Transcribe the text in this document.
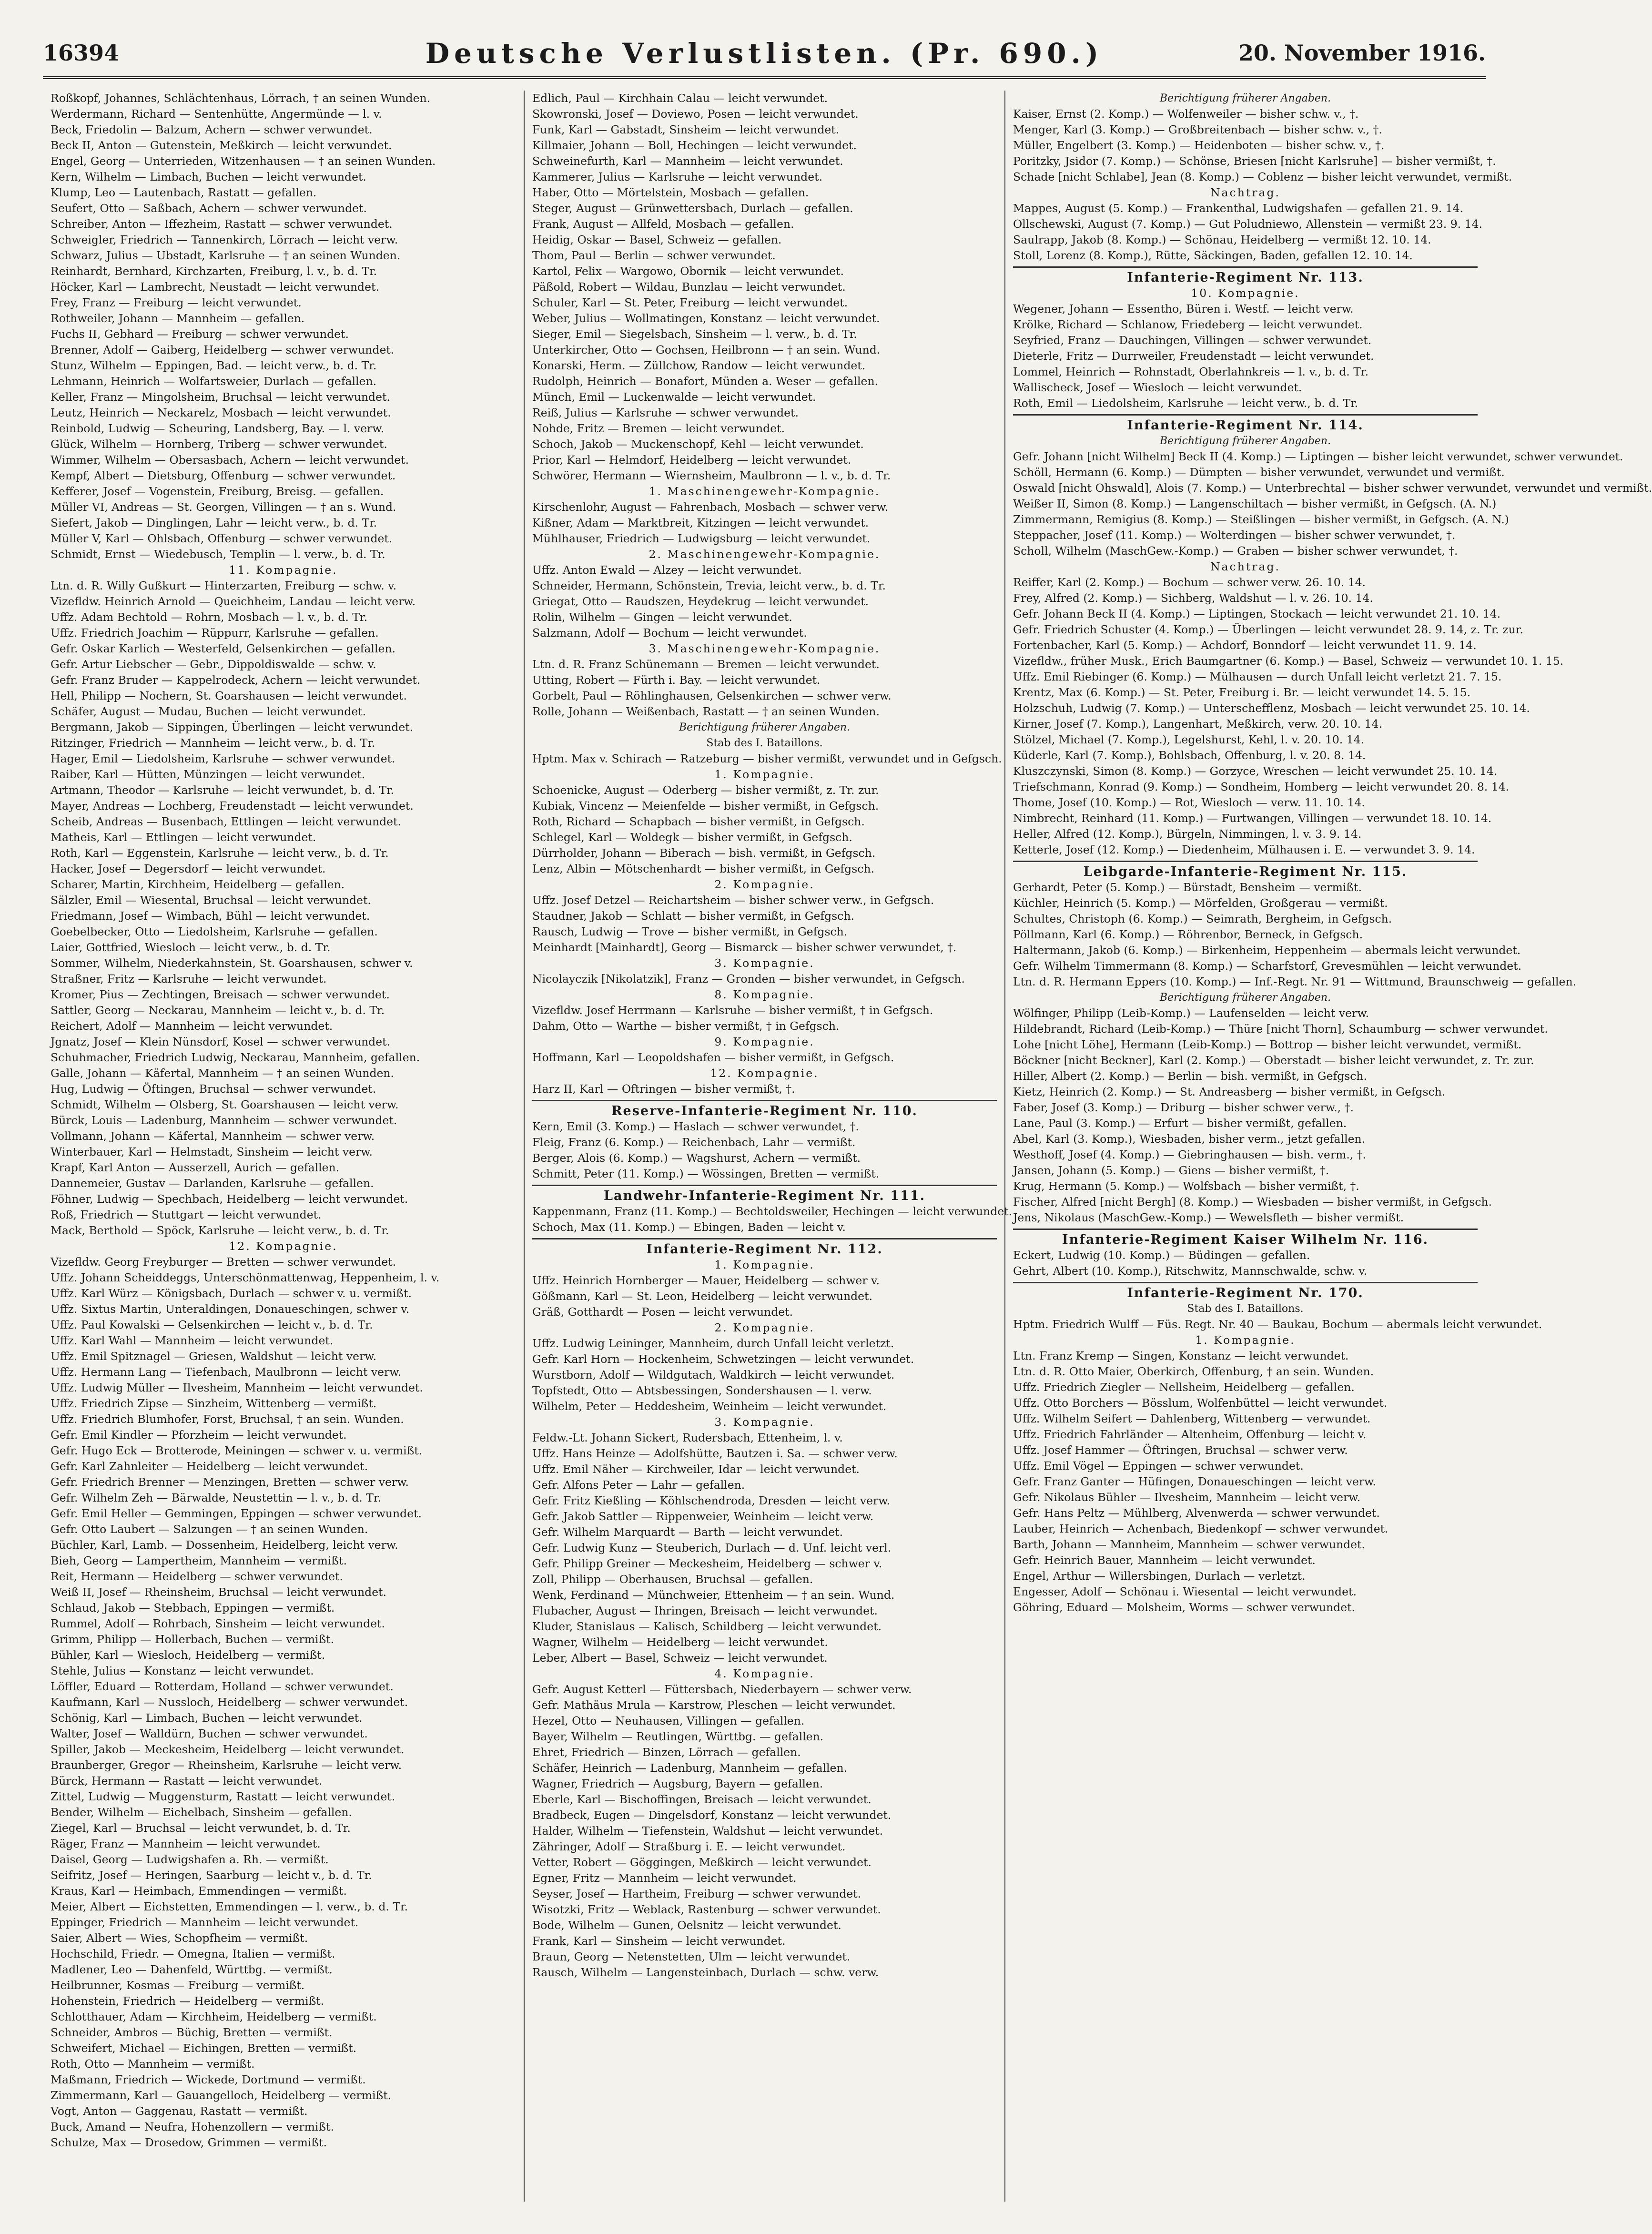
16394	Deutsche Verlustlisten. (Pr. 690.)	20. November 1916.
Roßkopf, Johannes, Schlächtenhaus, Lörrach, † an seinen Wunden.
Werdermann, Richard — Sentenhütte, Angermünde — l. v.
Beck, Friedolin — Balzum, Achern — schwer verwundet.
Beck II, Anton — Gutenstein, Meßkirch — leicht verwundet.
Engel, Georg — Unterrieden, Witzenhausen — † an seinen Wunden.
Kern, Wilhelm — Limbach, Buchen — leicht verwundet.
Klump, Leo — Lautenbach, Rastatt — gefallen.
Seufert, Otto — Saßbach, Achern — schwer verwundet.
Schreiber, Anton — Iffezheim, Rastatt — schwer verwundet.
Schweigler, Friedrich — Tannenkirch, Lörrach — leicht verw.
Schwarz, Julius — Ubstadt, Karlsruhe — † an seinen Wunden.
Reinhardt, Bernhard, Kirchzarten, Freiburg, l. v., b. d. Tr.
Höcker, Karl — Lambrecht, Neustadt — leicht verwundet.
Frey, Franz — Freiburg — leicht verwundet.
Rothweiler, Johann — Mannheim — gefallen.
Fuchs II, Gebhard — Freiburg — schwer verwundet.
Brenner, Adolf — Gaiberg, Heidelberg — schwer verwundet.
Stunz, Wilhelm — Eppingen, Bad. — leicht verw., b. d. Tr.
Lehmann, Heinrich — Wolfartsweier, Durlach — gefallen.
Keller, Franz — Mingolsheim, Bruchsal — leicht verwundet.
Leutz, Heinrich — Neckarelz, Mosbach — leicht verwundet.
Reinbold, Ludwig — Scheuring, Landsberg, Bay. — l. verw.
Glück, Wilhelm — Hornberg, Triberg — schwer verwundet.
Wimmer, Wilhelm — Obersasbach, Achern — leicht verwundet.
Kempf, Albert — Dietsburg, Offenburg — schwer verwundet.
Kefferer, Josef — Vogenstein, Freiburg, Breisg. — gefallen.
Müller VI, Andreas — St. Georgen, Villingen — † an s. Wund.
Siefert, Jakob — Dinglingen, Lahr — leicht verw., b. d. Tr.
Müller V, Karl — Ohlsbach, Offenburg — schwer verwundet.
Schmidt, Ernst — Wiedebusch, Templin — l. verw., b. d. Tr.
11. Kompagnie.
Ltn. d. R. Willy Gußkurt — Hinterzarten, Freiburg — schw. v.
Vizefldw. Heinrich Arnold — Queichheim, Landau — leicht verw.
Uffz. Adam Bechtold — Rohrn, Mosbach — l. v., b. d. Tr.
Uffz. Friedrich Joachim — Rüppurr, Karlsruhe — gefallen.
Gefr. Oskar Karlich — Westerfeld, Gelsenkirchen — gefallen.
Gefr. Artur Liebscher — Gebr., Dippoldiswalde — schw. v.
Gefr. Franz Bruder — Kappelrodeck, Achern — leicht verwundet.
Hell, Philipp — Nochern, St. Goarshausen — leicht verwundet.
Schäfer, August — Mudau, Buchen — leicht verwundet.
Bergmann, Jakob — Sippingen, Überlingen — leicht verwundet.
Ritzinger, Friedrich — Mannheim — leicht verw., b. d. Tr.
Hager, Emil — Liedolsheim, Karlsruhe — schwer verwundet.
Raiber, Karl — Hütten, Münzingen — leicht verwundet.
Artmann, Theodor — Karlsruhe — leicht verwundet, b. d. Tr.
Mayer, Andreas — Lochberg, Freudenstadt — leicht verwundet.
Scheib, Andreas — Busenbach, Ettlingen — leicht verwundet.
Matheis, Karl — Ettlingen — leicht verwundet.
Roth, Karl — Eggenstein, Karlsruhe — leicht verw., b. d. Tr.
Hacker, Josef — Degersdorf — leicht verwundet.
Scharer, Martin, Kirchheim, Heidelberg — gefallen.
Sälzler, Emil — Wiesental, Bruchsal — leicht verwundet.
Friedmann, Josef — Wimbach, Bühl — leicht verwundet.
Goebelbecker, Otto — Liedolsheim, Karlsruhe — gefallen.
Laier, Gottfried, Wiesloch — leicht verw., b. d. Tr.
Sommer, Wilhelm, Niederkahnstein, St. Goarshausen, schwer v.
Straßner, Fritz — Karlsruhe — leicht verwundet.
Kromer, Pius — Zechtingen, Breisach — schwer verwundet.
Sattler, Georg — Neckarau, Mannheim — leicht v., b. d. Tr.
Reichert, Adolf — Mannheim — leicht verwundet.
Jgnatz, Josef — Klein Nünsdorf, Kosel — schwer verwundet.
Schuhmacher, Friedrich Ludwig, Neckarau, Mannheim, gefallen.
Galle, Johann — Käfertal, Mannheim — † an seinen Wunden.
Hug, Ludwig — Öftingen, Bruchsal — schwer verwundet.
Schmidt, Wilhelm — Olsberg, St. Goarshausen — leicht verw.
Bürck, Louis — Ladenburg, Mannheim — schwer verwundet.
Vollmann, Johann — Käfertal, Mannheim — schwer verw.
Winterbauer, Karl — Helmstadt, Sinsheim — leicht verw.
Krapf, Karl Anton — Ausserzell, Aurich — gefallen.
Dannemeier, Gustav — Darlanden, Karlsruhe — gefallen.
Föhner, Ludwig — Spechbach, Heidelberg — leicht verwundet.
Roß, Friedrich — Stuttgart — leicht verwundet.
Mack, Berthold — Spöck, Karlsruhe — leicht verw., b. d. Tr.
12. Kompagnie.
Vizefldw. Georg Freyburger — Bretten — schwer verwundet.
Uffz. Johann Scheiddeggs, Unterschönmattenwag, Heppenheim, l. v.
Uffz. Karl Würz — Königsbach, Durlach — schwer v. u. vermißt.
Uffz. Sixtus Martin, Unteraldingen, Donaueschingen, schwer v.
Uffz. Paul Kowalski — Gelsenkirchen — leicht v., b. d. Tr.
Uffz. Karl Wahl — Mannheim — leicht verwundet.
Uffz. Emil Spitznagel — Griesen, Waldshut — leicht verw.
Uffz. Hermann Lang — Tiefenbach, Maulbronn — leicht verw.
Uffz. Ludwig Müller — Ilvesheim, Mannheim — leicht verwundet.
Uffz. Friedrich Zipse — Sinzheim, Wittenberg — vermißt.
Uffz. Friedrich Blumhofer, Forst, Bruchsal, † an sein. Wunden.
Gefr. Emil Kindler — Pforzheim — leicht verwundet.
Gefr. Hugo Eck — Brotterode, Meiningen — schwer v. u. vermißt.
Gefr. Karl Zahnleiter — Heidelberg — leicht verwundet.
Gefr. Friedrich Brenner — Menzingen, Bretten — schwer verw.
Gefr. Wilhelm Zeh — Bärwalde, Neustettin — l. v., b. d. Tr.
Gefr. Emil Heller — Gemmingen, Eppingen — schwer verwundet.
Gefr. Otto Laubert — Salzungen — † an seinen Wunden.
Büchler, Karl, Lamb. — Dossenheim, Heidelberg, leicht verw.
Bieh, Georg — Lampertheim, Mannheim — vermißt.
Reit, Hermann — Heidelberg — schwer verwundet.
Weiß II, Josef — Rheinsheim, Bruchsal — leicht verwundet.
Schlaud, Jakob — Stebbach, Eppingen — vermißt.
Rummel, Adolf — Rohrbach, Sinsheim — leicht verwundet.
Grimm, Philipp — Hollerbach, Buchen — vermißt.
Bühler, Karl — Wiesloch, Heidelberg — vermißt.
Stehle, Julius — Konstanz — leicht verwundet.
Löffler, Eduard — Rotterdam, Holland — schwer verwundet.
Kaufmann, Karl — Nussloch, Heidelberg — schwer verwundet.
Schönig, Karl — Limbach, Buchen — leicht verwundet.
Walter, Josef — Walldürn, Buchen — schwer verwundet.
Spiller, Jakob — Meckesheim, Heidelberg — leicht verwundet.
Braunberger, Gregor — Rheinsheim, Karlsruhe — leicht verw.
Bürck, Hermann — Rastatt — leicht verwundet.
Zittel, Ludwig — Muggensturm, Rastatt — leicht verwundet.
Bender, Wilhelm — Eichelbach, Sinsheim — gefallen.
Ziegel, Karl — Bruchsal — leicht verwundet, b. d. Tr.
Räger, Franz — Mannheim — leicht verwundet.
Daisel, Georg — Ludwigshafen a. Rh. — vermißt.
Seifritz, Josef — Heringen, Saarburg — leicht v., b. d. Tr.
Kraus, Karl — Heimbach, Emmendingen — vermißt.
Meier, Albert — Eichstetten, Emmendingen — l. verw., b. d. Tr.
Eppinger, Friedrich — Mannheim — leicht verwundet.
Saier, Albert — Wies, Schopfheim — vermißt.
Hochschild, Friedr. — Omegna, Italien — vermißt.
Madlener, Leo — Dahenfeld, Württbg. — vermißt.
Heilbrunner, Kosmas — Freiburg — vermißt.
Hohenstein, Friedrich — Heidelberg — vermißt.
Schlotthauer, Adam — Kirchheim, Heidelberg — vermißt.
Schneider, Ambros — Büchig, Bretten — vermißt.
Schweifert, Michael — Eichingen, Bretten — vermißt.
Roth, Otto — Mannheim — vermißt.
Maßmann, Friedrich — Wickede, Dortmund — vermißt.
Zimmermann, Karl — Gauangelloch, Heidelberg — vermißt.
Vogt, Anton — Gaggenau, Rastatt — vermißt.
Buck, Amand — Neufra, Hohenzollern — vermißt.
Schulze, Max — Drosedow, Grimmen — vermißt.
Edlich, Paul — Kirchhain Calau — leicht verwundet.
Skowronski, Josef — Doviewo, Posen — leicht verwundet.
Funk, Karl — Gabstadt, Sinsheim — leicht verwundet.
Killmaier, Johann — Boll, Hechingen — leicht verwundet.
Schweinefurth, Karl — Mannheim — leicht verwundet.
Kammerer, Julius — Karlsruhe — leicht verwundet.
Haber, Otto — Mörtelstein, Mosbach — gefallen.
Steger, August — Grünwettersbach, Durlach — gefallen.
Frank, August — Allfeld, Mosbach — gefallen.
Heidig, Oskar — Basel, Schweiz — gefallen.
Thom, Paul — Berlin — schwer verwundet.
Kartol, Felix — Wargowo, Obornik — leicht verwundet.
Päßold, Robert — Wildau, Bunzlau — leicht verwundet.
Schuler, Karl — St. Peter, Freiburg — leicht verwundet.
Weber, Julius — Wollmatingen, Konstanz — leicht verwundet.
Sieger, Emil — Siegelsbach, Sinsheim — l. verw., b. d. Tr.
Unterkircher, Otto — Gochsen, Heilbronn — † an sein. Wund.
Konarski, Herm. — Züllchow, Randow — leicht verwundet.
Rudolph, Heinrich — Bonafort, Münden a. Weser — gefallen.
Münch, Emil — Luckenwalde — leicht verwundet.
Reiß, Julius — Karlsruhe — schwer verwundet.
Nohde, Fritz — Bremen — leicht verwundet.
Schoch, Jakob — Muckenschopf, Kehl — leicht verwundet.
Prior, Karl — Helmdorf, Heidelberg — leicht verwundet.
Schwörer, Hermann — Wiernsheim, Maulbronn — l. v., b. d. Tr.
1. Maschinengewehr-Kompagnie.
Kirschenlohr, August — Fahrenbach, Mosbach — schwer verw.
Kißner, Adam — Marktbreit, Kitzingen — leicht verwundet.
Mühlhauser, Friedrich — Ludwigsburg — leicht verwundet.
2. Maschinengewehr-Kompagnie.
Uffz. Anton Ewald — Alzey — leicht verwundet.
Schneider, Hermann, Schönstein, Trevia, leicht verw., b. d. Tr.
Griegat, Otto — Raudszen, Heydekrug — leicht verwundet.
Rolin, Wilhelm — Gingen — leicht verwundet.
Salzmann, Adolf — Bochum — leicht verwundet.
3. Maschinengewehr-Kompagnie.
Ltn. d. R. Franz Schünemann — Bremen — leicht verwundet.
Utting, Robert — Fürth i. Bay. — leicht verwundet.
Gorbelt, Paul — Röhlinghausen, Gelsenkirchen — schwer verw.
Rolle, Johann — Weißenbach, Rastatt — † an seinen Wunden.
Berichtigung früherer Angaben.
Stab des I. Bataillons.
Hptm. Max v. Schirach — Ratzeburg — bisher vermißt, verwundet und in Gefgsch.
1. Kompagnie.
Schoenicke, August — Oderberg — bisher vermißt, z. Tr. zur.
Kubiak, Vincenz — Meienfelde — bisher vermißt, in Gefgsch.
Roth, Richard — Schapbach — bisher vermißt, in Gefgsch.
Schlegel, Karl — Woldegk — bisher vermißt, in Gefgsch.
Dürrholder, Johann — Biberach — bish. vermißt, in Gefgsch.
Lenz, Albin — Mötschenhardt — bisher vermißt, in Gefgsch.
2. Kompagnie.
Uffz. Josef Detzel — Reichartsheim — bisher schwer verw., in Gefgsch.
Staudner, Jakob — Schlatt — bisher vermißt, in Gefgsch.
Rausch, Ludwig — Trove — bisher vermißt, in Gefgsch.
Meinhardt [Mainhardt], Georg — Bismarck — bisher schwer verwundet, †.
3. Kompagnie.
Nicolayczik [Nikolatzik], Franz — Gronden — bisher verwundet, in Gefgsch.
8. Kompagnie.
Vizefldw. Josef Herrmann — Karlsruhe — bisher vermißt, † in Gefgsch.
Dahm, Otto — Warthe — bisher vermißt, † in Gefgsch.
9. Kompagnie.
Hoffmann, Karl — Leopoldshafen — bisher vermißt, in Gefgsch.
12. Kompagnie.
Harz II, Karl — Oftringen — bisher vermißt, †.
Reserve-Infanterie-Regiment Nr. 110.
Kern, Emil (3. Komp.) — Haslach — schwer verwundet, †.
Fleig, Franz (6. Komp.) — Reichenbach, Lahr — vermißt.
Berger, Alois (6. Komp.) — Wagshurst, Achern — vermißt.
Schmitt, Peter (11. Komp.) — Wössingen, Bretten — vermißt.
Landwehr-Infanterie-Regiment Nr. 111.
Kappenmann, Franz (11. Komp.) — Bechtoldsweiler, Hechingen — leicht verwundet.
Schoch, Max (11. Komp.) — Ebingen, Baden — leicht v.
Infanterie-Regiment Nr. 112.
1. Kompagnie.
Uffz. Heinrich Hornberger — Mauer, Heidelberg — schwer v.
Gößmann, Karl — St. Leon, Heidelberg — leicht verwundet.
Gräß, Gotthardt — Posen — leicht verwundet.
2. Kompagnie.
Uffz. Ludwig Leininger, Mannheim, durch Unfall leicht verletzt.
Gefr. Karl Horn — Hockenheim, Schwetzingen — leicht verwundet.
Wurstborn, Adolf — Wildgutach, Waldkirch — leicht verwundet.
Topfstedt, Otto — Abtsbessingen, Sondershausen — l. verw.
Wilhelm, Peter — Heddesheim, Weinheim — leicht verwundet.
3. Kompagnie.
Feldw.-Lt. Johann Sickert, Rudersbach, Ettenheim, l. v.
Uffz. Hans Heinze — Adolfshütte, Bautzen i. Sa. — schwer verw.
Uffz. Emil Näher — Kirchweiler, Idar — leicht verwundet.
Gefr. Alfons Peter — Lahr — gefallen.
Gefr. Fritz Kießling — Köhlschendroda, Dresden — leicht verw.
Gefr. Jakob Sattler — Rippenweier, Weinheim — leicht verw.
Gefr. Wilhelm Marquardt — Barth — leicht verwundet.
Gefr. Ludwig Kunz — Steuberich, Durlach — d. Unf. leicht verl.
Gefr. Philipp Greiner — Meckesheim, Heidelberg — schwer v.
Zoll, Philipp — Oberhausen, Bruchsal — gefallen.
Wenk, Ferdinand — Münchweier, Ettenheim — † an sein. Wund.
Flubacher, August — Ihringen, Breisach — leicht verwundet.
Kluder, Stanislaus — Kalisch, Schildberg — leicht verwundet.
Wagner, Wilhelm — Heidelberg — leicht verwundet.
Leber, Albert — Basel, Schweiz — leicht verwundet.
4. Kompagnie.
Gefr. August Ketterl — Füttersbach, Niederbayern — schwer verw.
Gefr. Mathäus Mrula — Karstrow, Pleschen — leicht verwundet.
Hezel, Otto — Neuhausen, Villingen — gefallen.
Bayer, Wilhelm — Reutlingen, Württbg. — gefallen.
Ehret, Friedrich — Binzen, Lörrach — gefallen.
Schäfer, Heinrich — Ladenburg, Mannheim — gefallen.
Wagner, Friedrich — Augsburg, Bayern — gefallen.
Eberle, Karl — Bischoffingen, Breisach — leicht verwundet.
Bradbeck, Eugen — Dingelsdorf, Konstanz — leicht verwundet.
Halder, Wilhelm — Tiefenstein, Waldshut — leicht verwundet.
Zähringer, Adolf — Straßburg i. E. — leicht verwundet.
Vetter, Robert — Göggingen, Meßkirch — leicht verwundet.
Egner, Fritz — Mannheim — leicht verwundet.
Seyser, Josef — Hartheim, Freiburg — schwer verwundet.
Wisotzki, Fritz — Weblack, Rastenburg — schwer verwundet.
Bode, Wilhelm — Gunen, Oelsnitz — leicht verwundet.
Frank, Karl — Sinsheim — leicht verwundet.
Braun, Georg — Netenstetten, Ulm — leicht verwundet.
Rausch, Wilhelm — Langensteinbach, Durlach — schw. verw.
Berichtigung früherer Angaben.
Kaiser, Ernst (2. Komp.) — Wolfenweiler — bisher schw. v., †.
Menger, Karl (3. Komp.) — Großbreitenbach — bisher schw. v., †.
Müller, Engelbert (3. Komp.) — Heidenboten — bisher schw. v., †.
Poritzky, Jsidor (7. Komp.) — Schönse, Briesen [nicht Karlsruhe] — bisher vermißt, †.
Schade [nicht Schlabe], Jean (8. Komp.) — Coblenz — bisher leicht verwundet, vermißt.
Nachtrag.
Mappes, August (5. Komp.) — Frankenthal, Ludwigshafen — gefallen 21. 9. 14.
Ollschewski, August (7. Komp.) — Gut Poludniewo, Allenstein — vermißt 23. 9. 14.
Saulrapp, Jakob (8. Komp.) — Schönau, Heidelberg — vermißt 12. 10. 14.
Stoll, Lorenz (8. Komp.), Rütte, Säckingen, Baden, gefallen 12. 10. 14.
Infanterie-Regiment Nr. 113.
10. Kompagnie.
Wegener, Johann — Essentho, Büren i. Westf. — leicht verw.
Krölke, Richard — Schlanow, Friedeberg — leicht verwundet.
Seyfried, Franz — Dauchingen, Villingen — schwer verwundet.
Dieterle, Fritz — Durrweiler, Freudenstadt — leicht verwundet.
Lommel, Heinrich — Rohnstadt, Oberlahnkreis — l. v., b. d. Tr.
Wallischeck, Josef — Wiesloch — leicht verwundet.
Roth, Emil — Liedolsheim, Karlsruhe — leicht verw., b. d. Tr.
Infanterie-Regiment Nr. 114.
Berichtigung früherer Angaben.
Gefr. Johann [nicht Wilhelm] Beck II (4. Komp.) — Liptingen — bisher leicht verwundet, schwer verwundet.
Schöll, Hermann (6. Komp.) — Dümpten — bisher verwundet, verwundet und vermißt.
Oswald [nicht Ohswald], Alois (7. Komp.) — Unterbrechtal — bisher schwer verwundet, verwundet und vermißt.
Weißer II, Simon (8. Komp.) — Langenschiltach — bisher vermißt, in Gefgsch. (A. N.)
Zimmermann, Remigius (8. Komp.) — Steißlingen — bisher vermißt, in Gefgsch. (A. N.)
Steppacher, Josef (11. Komp.) — Wolterdingen — bisher schwer verwundet, †.
Scholl, Wilhelm (MaschGew.-Komp.) — Graben — bisher schwer verwundet, †.
Nachtrag.
Reiffer, Karl (2. Komp.) — Bochum — schwer verw. 26. 10. 14.
Frey, Alfred (2. Komp.) — Sichberg, Waldshut — l. v. 26. 10. 14.
Gefr. Johann Beck II (4. Komp.) — Liptingen, Stockach — leicht verwundet 21. 10. 14.
Gefr. Friedrich Schuster (4. Komp.) — Überlingen — leicht verwundet 28. 9. 14, z. Tr. zur.
Fortenbacher, Karl (5. Komp.) — Achdorf, Bonndorf — leicht verwundet 11. 9. 14.
Vizefldw., früher Musk., Erich Baumgartner (6. Komp.) — Basel, Schweiz — verwundet 10. 1. 15.
Uffz. Emil Riebinger (6. Komp.) — Mülhausen — durch Unfall leicht verletzt 21. 7. 15.
Krentz, Max (6. Komp.) — St. Peter, Freiburg i. Br. — leicht verwundet 14. 5. 15.
Holzschuh, Ludwig (7. Komp.) — Unterschefflenz, Mosbach — leicht verwundet 25. 10. 14.
Kirner, Josef (7. Komp.), Langenhart, Meßkirch, verw. 20. 10. 14.
Stölzel, Michael (7. Komp.), Legelshurst, Kehl, l. v. 20. 10. 14.
Küderle, Karl (7. Komp.), Bohlsbach, Offenburg, l. v. 20. 8. 14.
Kluszczynski, Simon (8. Komp.) — Gorzyce, Wreschen — leicht verwundet 25. 10. 14.
Triefschmann, Konrad (9. Komp.) — Sondheim, Homberg — leicht verwundet 20. 8. 14.
Thome, Josef (10. Komp.) — Rot, Wiesloch — verw. 11. 10. 14.
Nimbrecht, Reinhard (11. Komp.) — Furtwangen, Villingen — verwundet 18. 10. 14.
Heller, Alfred (12. Komp.), Bürgeln, Nimmingen, l. v. 3. 9. 14.
Ketterle, Josef (12. Komp.) — Diedenheim, Mülhausen i. E. — verwundet 3. 9. 14.
Leibgarde-Infanterie-Regiment Nr. 115.
Gerhardt, Peter (5. Komp.) — Bürstadt, Bensheim — vermißt.
Küchler, Heinrich (5. Komp.) — Mörfelden, Großgerau — vermißt.
Schultes, Christoph (6. Komp.) — Seimrath, Bergheim, in Gefgsch.
Pöllmann, Karl (6. Komp.) — Röhrenbor, Berneck, in Gefgsch.
Haltermann, Jakob (6. Komp.) — Birkenheim, Heppenheim — abermals leicht verwundet.
Gefr. Wilhelm Timmermann (8. Komp.) — Scharfstorf, Grevesmühlen — leicht verwundet.
Ltn. d. R. Hermann Eppers (10. Komp.) — Inf.-Regt. Nr. 91 — Wittmund, Braunschweig — gefallen.
Berichtigung früherer Angaben.
Wölfinger, Philipp (Leib-Komp.) — Laufenselden — leicht verw.
Hildebrandt, Richard (Leib-Komp.) — Thüre [nicht Thorn], Schaumburg — schwer verwundet.
Lohe [nicht Löhe], Hermann (Leib-Komp.) — Bottrop — bisher leicht verwundet, vermißt.
Böckner [nicht Beckner], Karl (2. Komp.) — Oberstadt — bisher leicht verwundet, z. Tr. zur.
Hiller, Albert (2. Komp.) — Berlin — bish. vermißt, in Gefgsch.
Kietz, Heinrich (2. Komp.) — St. Andreasberg — bisher vermißt, in Gefgsch.
Faber, Josef (3. Komp.) — Driburg — bisher schwer verw., †.
Lane, Paul (3. Komp.) — Erfurt — bisher vermißt, gefallen.
Abel, Karl (3. Komp.), Wiesbaden, bisher verm., jetzt gefallen.
Westhoff, Josef (4. Komp.) — Giebringhausen — bish. verm., †.
Jansen, Johann (5. Komp.) — Giens — bisher vermißt, †.
Krug, Hermann (5. Komp.) — Wolfsbach — bisher vermißt, †.
Fischer, Alfred [nicht Bergh] (8. Komp.) — Wiesbaden — bisher vermißt, in Gefgsch.
Jens, Nikolaus (MaschGew.-Komp.) — Wewelsfleth — bisher vermißt.
Infanterie-Regiment Kaiser Wilhelm Nr. 116.
Eckert, Ludwig (10. Komp.) — Büdingen — gefallen.
Gehrt, Albert (10. Komp.), Ritschwitz, Mannschwalde, schw. v.
Infanterie-Regiment Nr. 170.
Stab des I. Bataillons.
Hptm. Friedrich Wulff — Füs. Regt. Nr. 40 — Baukau, Bochum — abermals leicht verwundet.
1. Kompagnie.
Ltn. Franz Kremp — Singen, Konstanz — leicht verwundet.
Ltn. d. R. Otto Maier, Oberkirch, Offenburg, † an sein. Wunden.
Uffz. Friedrich Ziegler — Nellsheim, Heidelberg — gefallen.
Uffz. Otto Borchers — Bösslum, Wolfenbüttel — leicht verwundet.
Uffz. Wilhelm Seifert — Dahlenberg, Wittenberg — verwundet.
Uffz. Friedrich Fahrländer — Altenheim, Offenburg — leicht v.
Uffz. Josef Hammer — Öftringen, Bruchsal — schwer verw.
Uffz. Emil Vögel — Eppingen — schwer verwundet.
Gefr. Franz Ganter — Hüfingen, Donaueschingen — leicht verw.
Gefr. Nikolaus Bühler — Ilvesheim, Mannheim — leicht verw.
Gefr. Hans Peltz — Mühlberg, Alvenwerda — schwer verwundet.
Lauber, Heinrich — Achenbach, Biedenkopf — schwer verwundet.
Barth, Johann — Mannheim, Mannheim — schwer verwundet.
Gefr. Heinrich Bauer, Mannheim — leicht verwundet.
Engel, Arthur — Willersbingen, Durlach — verletzt.
Engesser, Adolf — Schönau i. Wiesental — leicht verwundet.
Göhring, Eduard — Molsheim, Worms — schwer verwundet.
